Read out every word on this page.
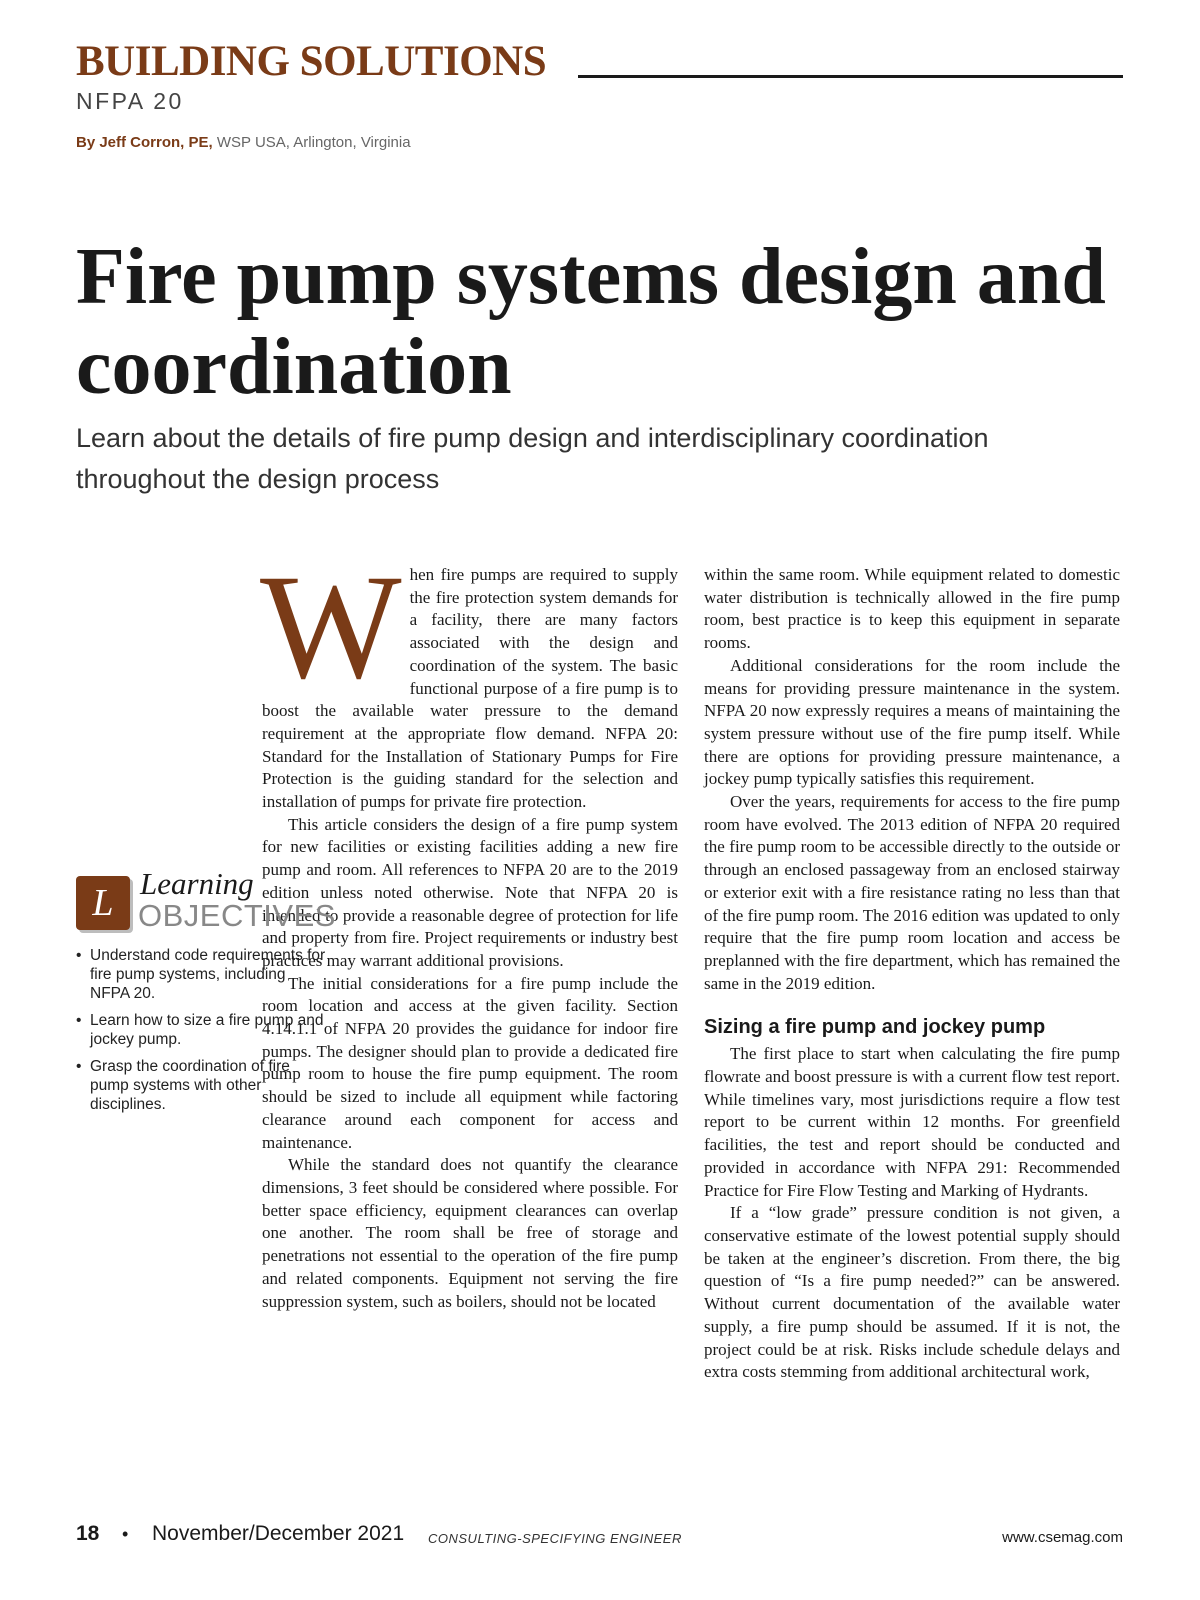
BUILDING SOLUTIONS
NFPA 20
By Jeff Corron, PE, WSP USA, Arlington, Virginia
Fire pump systems design and coordination
Learn about the details of fire pump design and interdisciplinary coordination throughout the design process

When fire pumps are required to supply the fire protection system demands for a facility, there are many factors associated with the design and coordination of the system. The basic functional purpose of a fire pump is to boost the available water pressure to the demand requirement at the appropriate flow demand. NFPA 20: Standard for the Installation of Stationary Pumps for Fire Protection is the guiding standard for the selection and installation of pumps for private fire protection.

This article considers the design of a fire pump system for new facilities or existing facilities adding a new fire pump and room. All references to NFPA 20 are to the 2019 edition unless noted otherwise. Note that NFPA 20 is intended to provide a reasonable degree of protection for life and property from fire. Project requirements or industry best practices may warrant additional provisions.

The initial considerations for a fire pump include the room location and access at the given facility. Section 4.14.1.1 of NFPA 20 provides the guidance for indoor fire pumps. The designer should plan to provide a dedicated fire pump room to house the fire pump equipment. The room should be sized to include all equipment while factoring clearance around each component for access and maintenance.

While the standard does not quantify the clearance dimensions, 3 feet should be considered where possible. For better space efficiency, equipment clearances can overlap one another. The room shall be free of storage and penetrations not essential to the operation of the fire pump and related components. Equipment not serving the fire suppression system, such as boilers, should not be located

within the same room. While equipment related to domestic water distribution is technically allowed in the fire pump room, best practice is to keep this equipment in separate rooms.

Additional considerations for the room include the means for providing pressure maintenance in the system. NFPA 20 now expressly requires a means of maintaining the system pressure without use of the fire pump itself. While there are options for providing pressure maintenance, a jockey pump typically satisfies this requirement.

Over the years, requirements for access to the fire pump room have evolved. The 2013 edition of NFPA 20 required the fire pump room to be accessible directly to the outside or through an enclosed passageway from an enclosed stairway or exterior exit with a fire resistance rating no less than that of the fire pump room. The 2016 edition was updated to only require that the fire pump room location and access be preplanned with the fire department, which has remained the same in the 2019 edition.

Sizing a fire pump and jockey pump

The first place to start when calculating the fire pump flowrate and boost pressure is with a current flow test report. While timelines vary, most jurisdictions require a flow test report to be current within 12 months. For greenfield facilities, the test and report should be conducted and provided in accordance with NFPA 291: Recommended Practice for Fire Flow Testing and Marking of Hydrants.

If a “low grade” pressure condition is not given, a conservative estimate of the lowest potential supply should be taken at the engineer’s discretion. From there, the big question of “Is a fire pump needed?” can be answered. Without current documentation of the available water supply, a fire pump should be assumed. If it is not, the project could be at risk. Risks include schedule delays and extra costs stemming from additional architectural work,

L Learning
OBJECTIVES
• Understand code requirements for fire pump systems, including NFPA 20.
• Learn how to size a fire pump and jockey pump.
• Grasp the coordination of fire pump systems with other disciplines.
18 • November/December 2021 CONSULTING-SPECIFYING ENGINEER	www.csemag.com
